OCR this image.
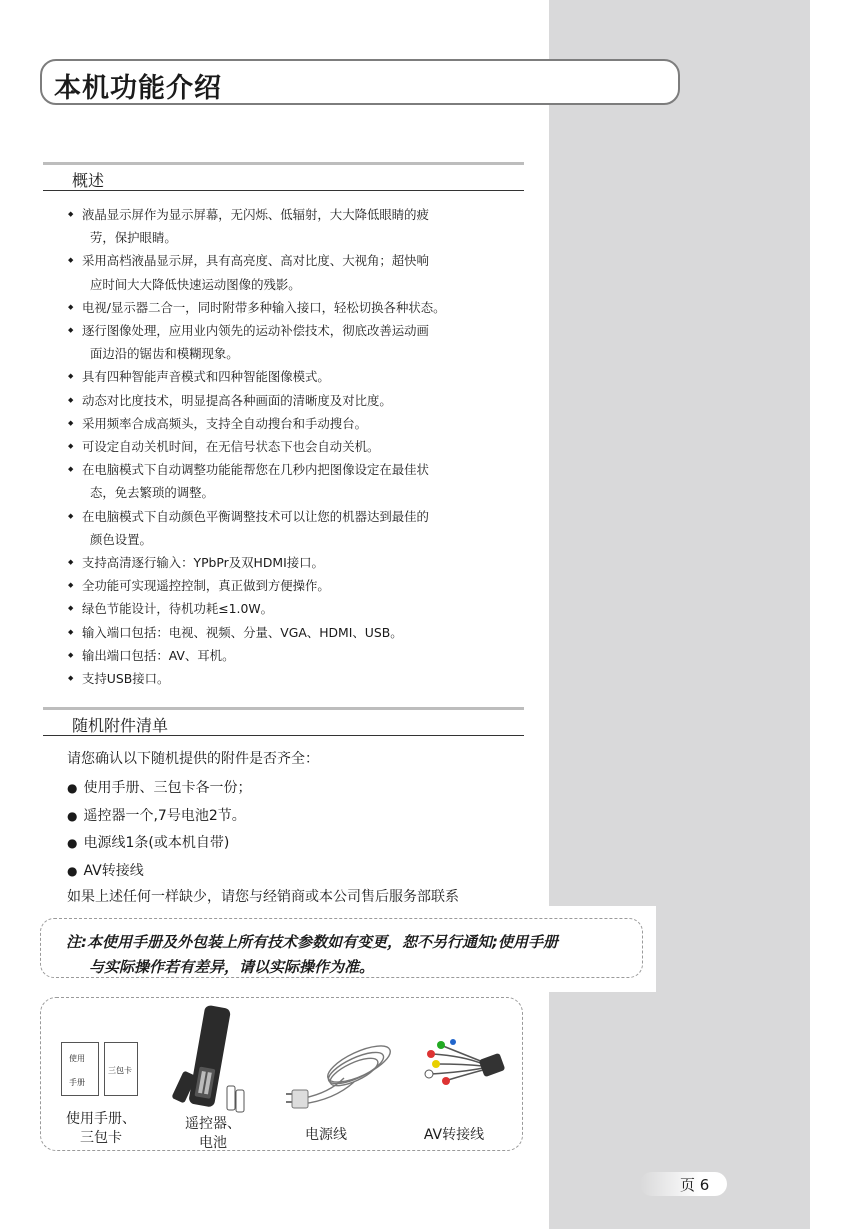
本机功能介绍
概述
◆ 液晶显示屏作为显示屏幕，无闪烁、低辐射，大大降低眼睛的疲
劳，保护眼睛。
◆ 采用高档液晶显示屏，具有高亮度、高对比度、大视角；超快响
应时间大大降低快速运动图像的残影。
◆ 电视/显示器二合一，同时附带多种输入接口，轻松切换各种状态。
◆ 逐行图像处理，应用业内领先的运动补偿技术，彻底改善运动画
面边沿的锯齿和模糊现象。
◆ 具有四种智能声音模式和四种智能图像模式。
◆ 动态对比度技术，明显提高各种画面的清晰度及对比度。
◆ 采用频率合成高频头，支持全自动搜台和手动搜台。
◆ 可设定自动关机时间，在无信号状态下也会自动关机。
◆ 在电脑模式下自动调整功能能帮您在几秒内把图像设定在最佳状
态，免去繁琐的调整。
◆ 在电脑模式下自动颜色平衡调整技术可以让您的机器达到最佳的
颜色设置。
◆ 支持高清逐行输入：YPbPr及双HDMI接口。
◆ 全功能可实现遥控控制，真正做到方便操作。
◆ 绿色节能设计，待机功耗≤1.0W。
◆ 输入端口包括：电视、视频、分量、VGA、HDMI、USB。
◆ 输出端口包括：AV、耳机。
◆ 支持USB接口。
随机附件清单
请您确认以下随机提供的附件是否齐全：
● 使用手册、三包卡各一份；
● 遥控器一个,7号电池2节。
● 电源线1条(或本机自带)
● AV转接线
如果上述任何一样缺少，请您与经销商或本公司售后服务部联系

注:本使用手册及外包装上所有技术参数如有变更，恕不另行通知;使用手册

与实际操作若有差异，请以实际操作为准。

使用
手册
三包卡
使用手册、
三包卡
遥控器、
电池	电源线	AV转接线
页 6
